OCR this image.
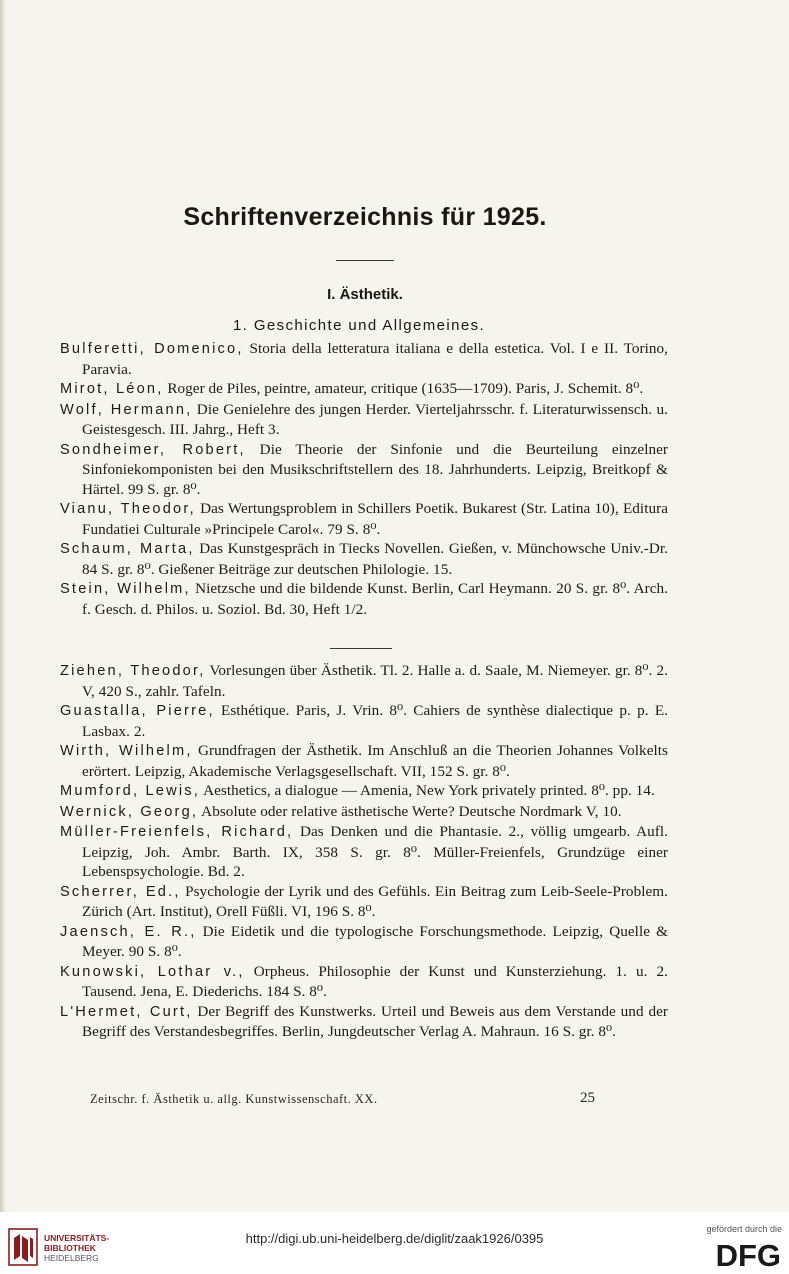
Schriftenverzeichnis für 1925.
I. Ästhetik.
1. Geschichte und Allgemeines.

Bulferetti, Domenico, Storia della letteratura italiana e della estetica. Vol. I e II. Torino, Paravia.

Mirot, Léon, Roger de Piles, peintre, amateur, critique (1635—1709). Paris, J. Schemit. 8⁰.

Wolf, Hermann, Die Genielehre des jungen Herder. Vierteljahrsschr. f. Literaturwissensch. u. Geistesgesch. III. Jahrg., Heft 3.

Sondheimer, Robert, Die Theorie der Sinfonie und die Beurteilung einzelner Sinfoniekomponisten bei den Musikschriftstellern des 18. Jahrhunderts. Leipzig, Breitkopf & Härtel. 99 S. gr. 8⁰.

Vianu, Theodor, Das Wertungsproblem in Schillers Poetik. Bukarest (Str. Latina 10), Editura Fundatiei Culturale »Principele Carol«. 79 S. 8⁰.

Schaum, Marta, Das Kunstgespräch in Tiecks Novellen. Gießen, v. Münchowsche Univ.-Dr. 84 S. gr. 8⁰. Gießener Beiträge zur deutschen Philologie. 15.

Stein, Wilhelm, Nietzsche und die bildende Kunst. Berlin, Carl Heymann. 20 S. gr. 8⁰. Arch. f. Gesch. d. Philos. u. Soziol. Bd. 30, Heft 1/2.

Ziehen, Theodor, Vorlesungen über Ästhetik. Tl. 2. Halle a. d. Saale, M. Niemeyer. gr. 8⁰. 2. V, 420 S., zahlr. Tafeln.

Guastalla, Pierre, Esthétique. Paris, J. Vrin. 8⁰. Cahiers de synthèse dialectique p. p. E. Lasbax. 2.

Wirth, Wilhelm, Grundfragen der Ästhetik. Im Anschluß an die Theorien Johannes Volkelts erörtert. Leipzig, Akademische Verlagsgesellschaft. VII, 152 S. gr. 8⁰.

Mumford, Lewis, Aesthetics, a dialogue — Amenia, New York privately printed. 8⁰. pp. 14.

Wernick, Georg, Absolute oder relative ästhetische Werte? Deutsche Nordmark V, 10.

Müller-Freienfels, Richard, Das Denken und die Phantasie. 2., völlig umgearb. Aufl. Leipzig, Joh. Ambr. Barth. IX, 358 S. gr. 8⁰. Müller-Freienfels, Grundzüge einer Lebenspsychologie. Bd. 2.

Scherrer, Ed., Psychologie der Lyrik und des Gefühls. Ein Beitrag zum Leib-Seele-Problem. Zürich (Art. Institut), Orell Füßli. VI, 196 S. 8⁰.

Jaensch, E. R., Die Eidetik und die typologische Forschungsmethode. Leipzig, Quelle & Meyer. 90 S. 8⁰.

Kunowski, Lothar v., Orpheus. Philosophie der Kunst und Kunsterziehung. 1. u. 2. Tausend. Jena, E. Diederichs. 184 S. 8⁰.

L'Hermet, Curt, Der Begriff des Kunstwerks. Urteil und Beweis aus dem Verstande und der Begriff des Verstandesbegriffes. Berlin, Jungdeutscher Verlag A. Mahraun. 16 S. gr. 8⁰.

Zeitschr. f. Ästhetik u. allg. Kunstwissenschaft. XX.	25
UNIVERSITÄTS-
BIBLIOTHEK
HEIDELBERG
http://digi.ub.uni-heidelberg.de/diglit/zaak1926/0395
gefördert durch die
DFG
